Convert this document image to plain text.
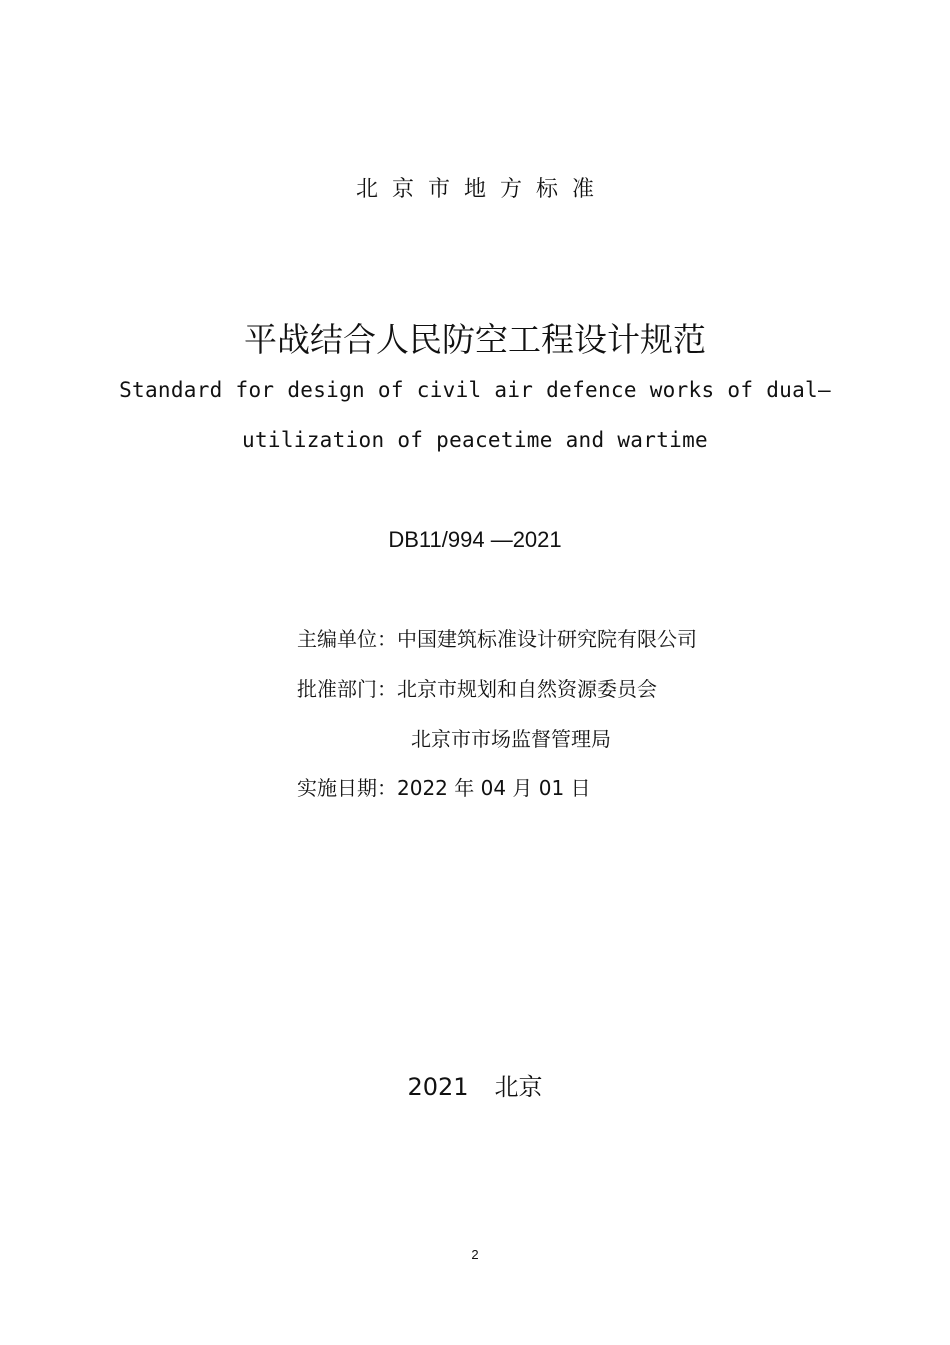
北京市地方标准
平战结合人民防空工程设计规范
Standard for design of civil air defence works of dual—
utilization of peacetime and wartime
DB11/994 —2021
主编单位：中国建筑标准设计研究院有限公司
批准部门：北京市规划和自然资源委员会
北京市市场监督管理局
实施日期：2022 年 04 月 01 日
2021 北京
2
